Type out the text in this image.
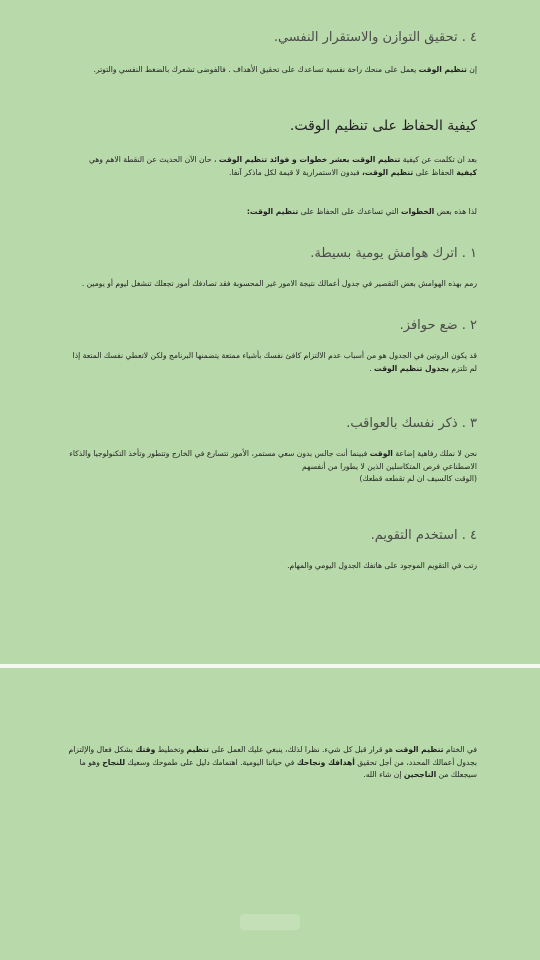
٤ . تحقيق التوازن والاستقرار النفسي.

إن تنظيم الوقت يعمل على منحك راحة نفسية تساعدك على تحقيق الأهداف . فالفوضى تشعرك بالضغط النفسي والتوتر.

كيفية الحفاظ على تنظيم الوقت.

بعد ان تكلمت عن كيفية تنظيم الوقت بعشر خطوات و فوائد تنظيم الوقت ، حان الآن الحديث عن النقطة الاهم وهي كيفية الحفاظ على تنظيم الوقت، فبدون الاستمرارية لا قيمة لكل ماذكر آنفا.

لذا هذه بعض الخطوات التي تساعدك على الحفاظ على تنظيم الوقت:

١ . اترك هوامش يومية بسيطة.

رمم بهذه الهوامش بعض التقصير في جدول أعمالك نتيجة الامور غير المحسوبة فقد تصادفك أمور تجعلك تنشغل ليوم أو يومين .

٢ . ضع حوافز.

قد يكون الروتين في الجدول هو من أسباب عدم الالتزام كافئ نفسك بأشياء ممتعة يتضمنها البرنامج ولكن لاتعطي نفسك المتعة إذا لم تلتزم بجدول تنظيم الوقت .

٣ . ذكر نفسك بالعواقب.

نحن لا نملك رفاهية إضاعة الوقت فبينما أنت جالس بدون سعي مستمر، الأمور تتسارع في الخارج وتتطور وتأخذ التكنولوجيا والذكاء الاصطناعي فرص المتكاسلين الذين لا يطورا من أنفسهم

(الوقت كالسيف ان لم تقطعه قطعك)

٤ . استخدم التقويم.

رتب في التقويم الموجود على هاتفك الجدول اليومي والمهام.

في الختام تنظيم الوقت هو قرار قبل كل شيء. نظرا لذلك، ينبغي عليك العمل على تنظيم وتخطيط وقتك بشكل فعال والإلتزام بجدول أعمالك المحدد، من أجل تحقيق أهدافك ونجاحك في حياتنا اليومية. اهتمامك دليل على طموحك وسعيك للنجاح وهو ما سيجعلك من الناجحين إن شاء الله.
